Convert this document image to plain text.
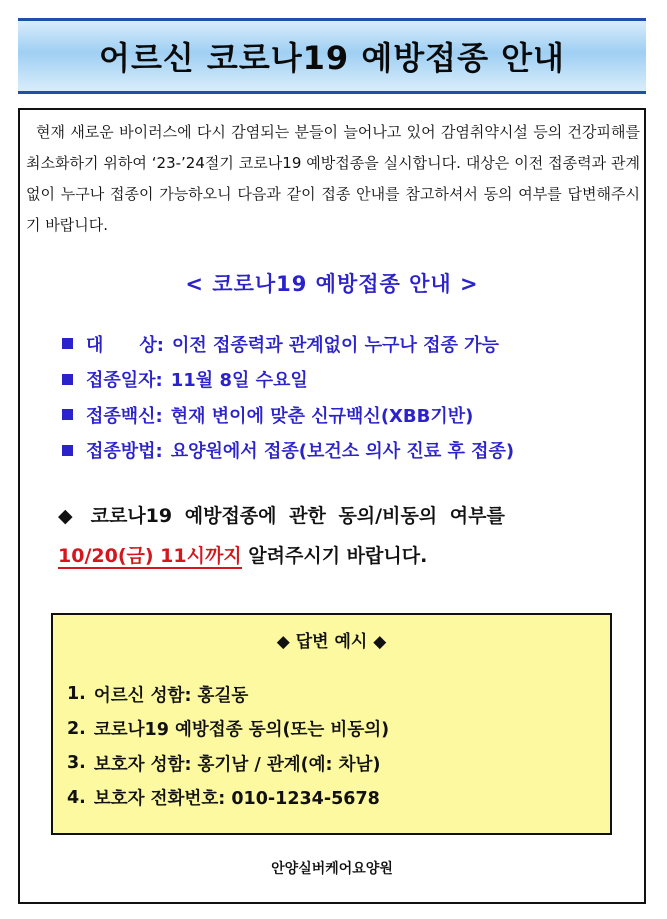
어르신 코로나19 예방접종 안내

현재 새로운 바이러스에 다시 감염되는 분들이 늘어나고 있어 감염취약시설 등의 건강피해를 최소화하기 위하여 ‘23-’24절기 코로나19 예방접종을 실시합니다. 대상은 이전 접종력과 관계없이 누구나 접종이 가능하오니 다음과 같이 접종 안내를 참고하셔서 동의 여부를 답변해주시기 바랍니다.

< 코로나19 예방접종 안내 >
대　　상: 이전 접종력과 관계없이 누구나 접종 가능
접종일자: 11월 8일 수요일
접종백신: 현재 변이에 맞춘 신규백신(XBB기반)
접종방법: 요양원에서 접종(보건소 의사 진료 후 접종)
◆ 코로나19 예방접종에 관한 동의/비동의 여부를
10/20(금) 11시까지 알려주시기 바랍니다.
◆ 답변 예시 ◆
1. 어르신 성함: 홍길동
2. 코로나19 예방접종 동의(또는 비동의)
3. 보호자 성함: 홍기남 / 관계(예: 차남)
4. 보호자 전화번호: 010-1234-5678
안양실버케어요양원
